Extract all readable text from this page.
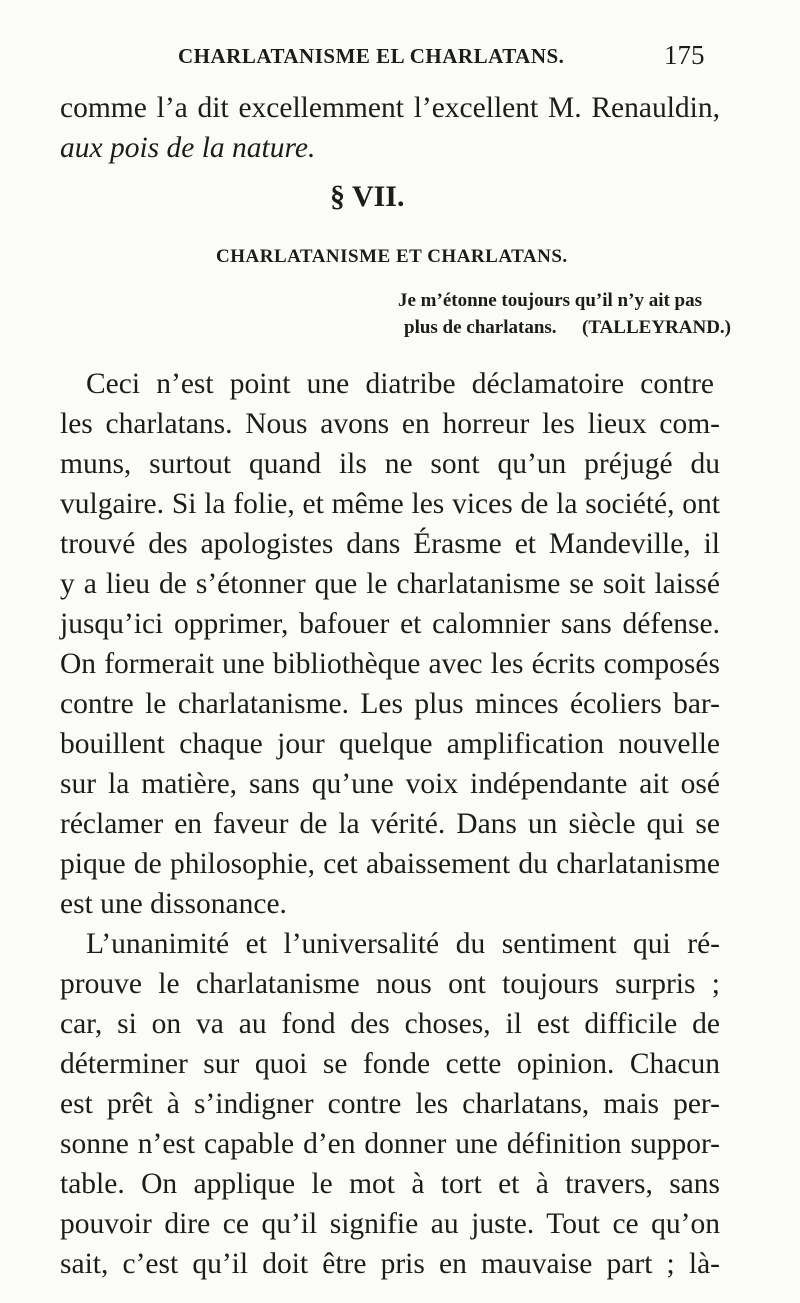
CHARLATANISME EL CHARLATANS.	175
comme l’a dit excellemment l’excellent M. Renauldin,
aux pois de la nature.
§ VII.
CHARLATANISME ET CHARLATANS.
Je m’étonne toujours qu’il n’y ait pas
plus de charlatans. (TALLEYRAND.)
Ceci n’est point une diatribe déclamatoire contre
les charlatans. Nous avons en horreur les lieux com-
muns, surtout quand ils ne sont qu’un préjugé du
vulgaire. Si la folie, et même les vices de la société, ont
trouvé des apologistes dans Érasme et Mandeville, il
y a lieu de s’étonner que le charlatanisme se soit laissé
jusqu’ici opprimer, bafouer et calomnier sans défense.
On formerait une bibliothèque avec les écrits composés
contre le charlatanisme. Les plus minces écoliers bar-
bouillent chaque jour quelque amplification nouvelle
sur la matière, sans qu’une voix indépendante ait osé
réclamer en faveur de la vérité. Dans un siècle qui se
pique de philosophie, cet abaissement du charlatanisme
est une dissonance.
L’unanimité et l’universalité du sentiment qui ré-
prouve le charlatanisme nous ont toujours surpris ;
car, si on va au fond des choses, il est difficile de
déterminer sur quoi se fonde cette opinion. Chacun
est prêt à s’indigner contre les charlatans, mais per-
sonne n’est capable d’en donner une définition suppor-
table. On applique le mot à tort et à travers, sans
pouvoir dire ce qu’il signifie au juste. Tout ce qu’on
sait, c’est qu’il doit être pris en mauvaise part ; là-
